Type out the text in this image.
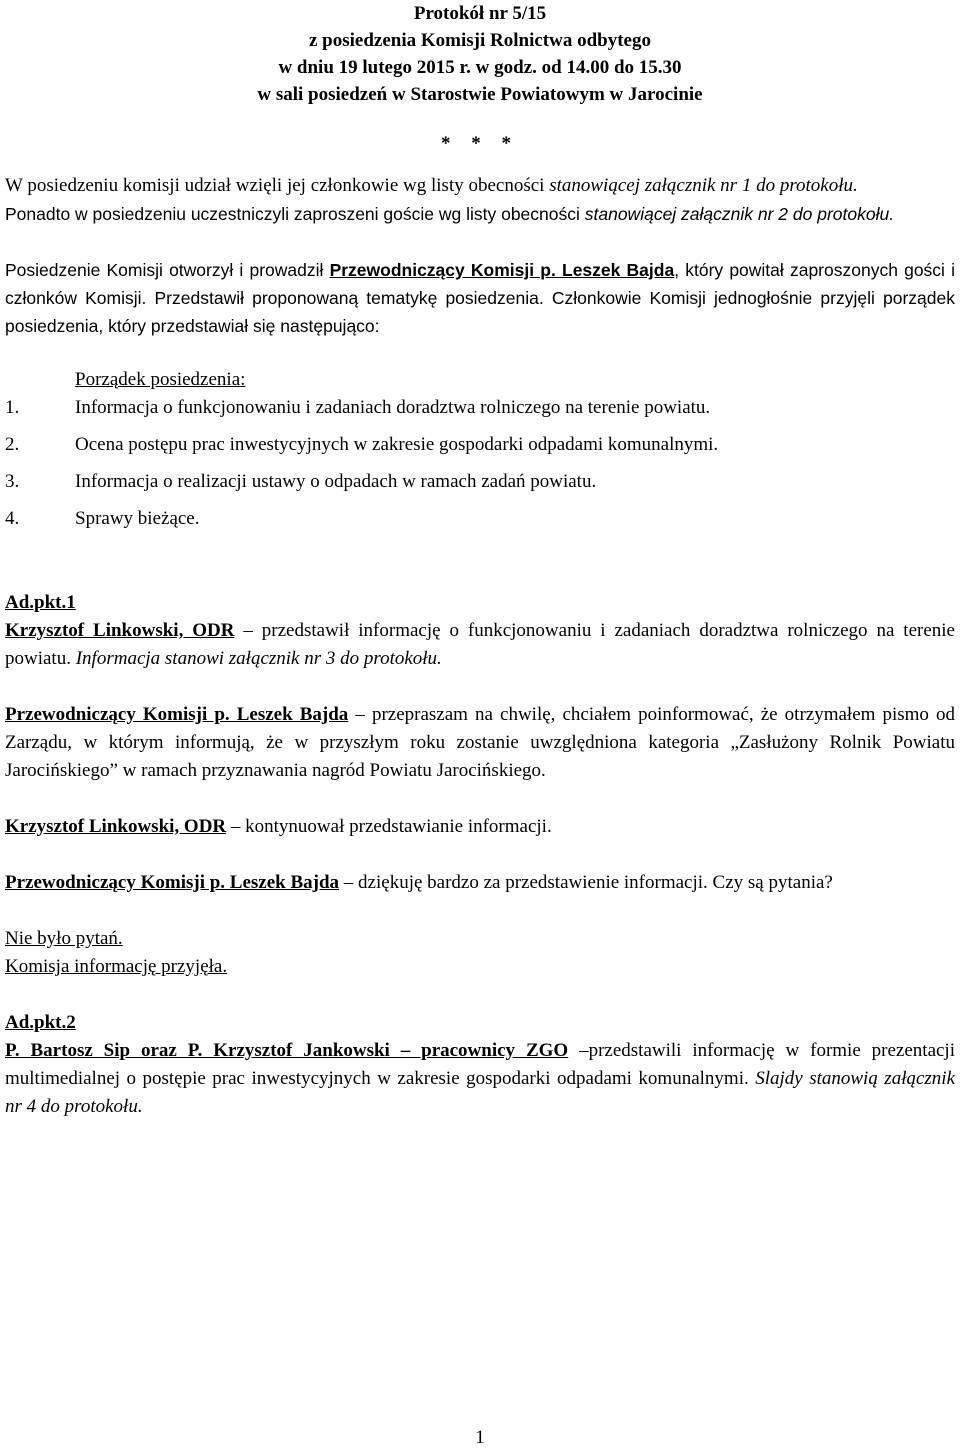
Protokół nr 5/15
z posiedzenia Komisji Rolnictwa odbytego
w dniu 19 lutego 2015 r. w godz. od 14.00 do 15.30
w sali posiedzeń w Starostwie Powiatowym w Jarocinie
* * *

W posiedzeniu komisji udział wzięli jej członkowie wg listy obecności stanowiącej załącznik nr 1 do protokołu.

Ponadto w posiedzeniu uczestniczyli zaproszeni goście wg listy obecności stanowiącej załącznik nr 2 do protokołu.

Posiedzenie Komisji otworzył i prowadził Przewodniczący Komisji p. Leszek Bajda, który powitał zaproszonych gości i członków Komisji. Przedstawił proponowaną tematykę posiedzenia. Członkowie Komisji jednogłośnie przyjęli porządek posiedzenia, który przedstawiał się następująco:

Porządek posiedzenia:
1.	Informacja o funkcjonowaniu i zadaniach doradztwa rolniczego na terenie powiatu.
2.	Ocena postępu prac inwestycyjnych w zakresie gospodarki odpadami komunalnymi.
3.	Informacja o realizacji ustawy o odpadach w ramach zadań powiatu.
4.	Sprawy bieżące.
Ad.pkt.1

Krzysztof Linkowski, ODR – przedstawił informację o funkcjonowaniu i zadaniach doradztwa rolniczego na terenie powiatu. Informacja stanowi załącznik nr 3 do protokołu.

Przewodniczący Komisji p. Leszek Bajda – przepraszam na chwilę, chciałem poinformować, że otrzymałem pismo od Zarządu, w którym informują, że w przyszłym roku zostanie uwzględniona kategoria „Zasłużony Rolnik Powiatu Jarocińskiego” w ramach przyznawania nagród Powiatu Jarocińskiego.

Krzysztof Linkowski, ODR – kontynuował przedstawianie informacji.

Przewodniczący Komisji p. Leszek Bajda – dziękuję bardzo za przedstawienie informacji. Czy są pytania?

Nie było pytań.
Komisja informację przyjęła.
Ad.pkt.2

P. Bartosz Sip oraz P. Krzysztof Jankowski – pracownicy ZGO –przedstawili informację w formie prezentacji multimedialnej o postępie prac inwestycyjnych w zakresie gospodarki odpadami komunalnymi. Slajdy stanowią załącznik nr 4 do protokołu.

1
